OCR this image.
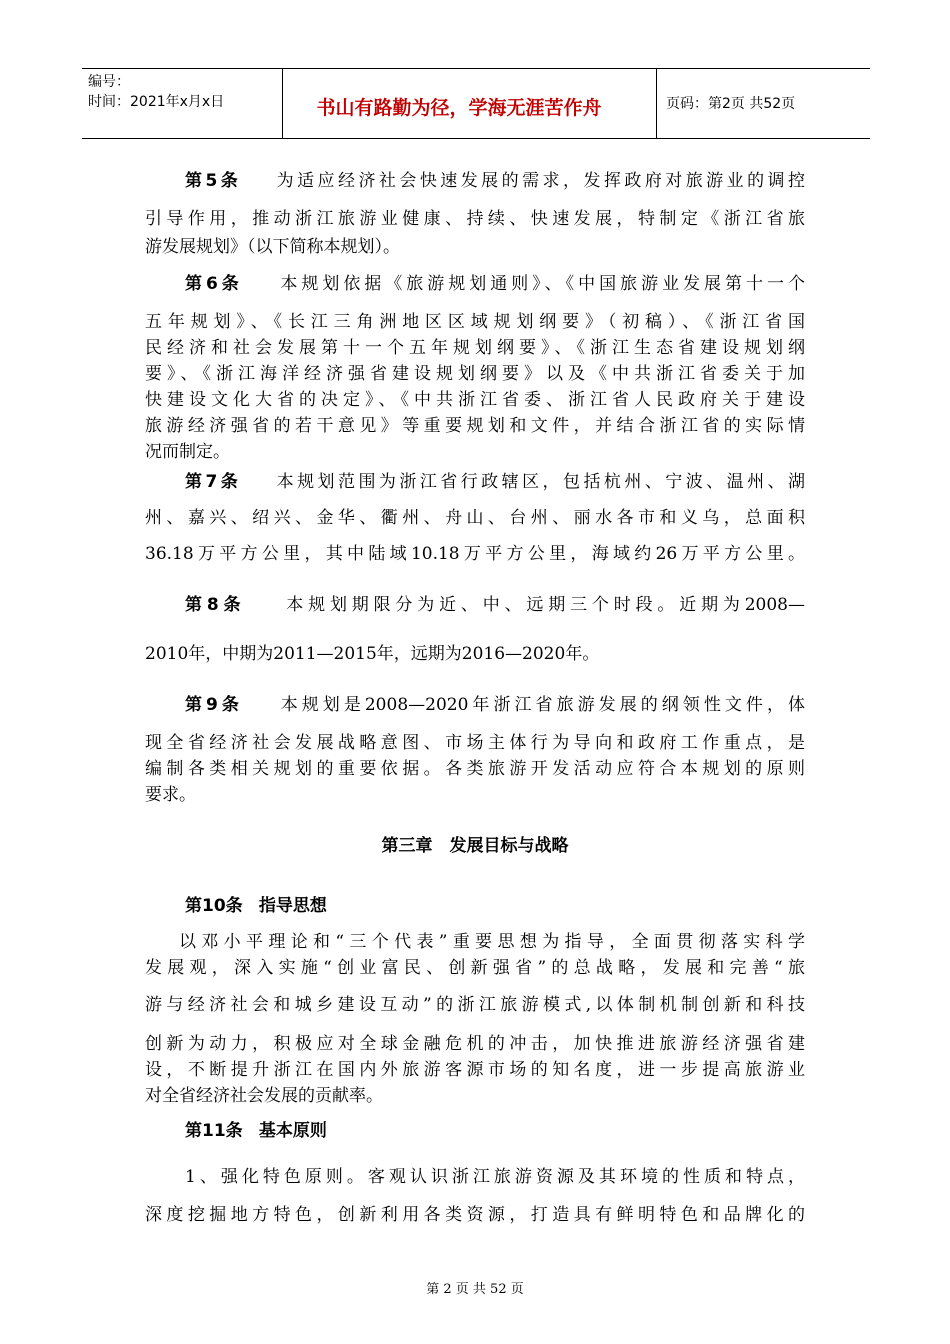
编号：
时间：2021年x月x日	书山有路勤为径，学海无涯苦作舟	页码：第2页 共52页
第5条 为适应经济社会快速发展的需求，发挥政府对旅游业的调控
引导作用，推动浙江旅游业健康、持续、快速发展，特制定《浙江省旅
游发展规划》（以下简称本规划）。
第6条 本规划依据《旅游规划通则》、《中国旅游业发展第十一个
五年规划》、《长江三角洲地区区域规划纲要》（初稿）、《浙江省国
民经济和社会发展第十一个五年规划纲要》、《浙江生态省建设规划纲
要》、《浙江海洋经济强省建设规划纲要》以及《中共浙江省委关于加
快建设文化大省的决定》、《中共浙江省委、浙江省人民政府关于建设
旅游经济强省的若干意见》等重要规划和文件，并结合浙江省的实际情
况而制定。
第7条 本规划范围为浙江省行政辖区，包括杭州、宁波、温州、湖
州、嘉兴、绍兴、金华、衢州、舟山、台州、丽水各市和义乌，总面积
36.18万平方公里，其中陆域10.18万平方公里，海域约26万平方公里。
第8条 本规划期限分为近、中、远期三个时段。近期为2008—
2010年，中期为2011—2015年，远期为2016—2020年。
第9条 本规划是2008—2020年浙江省旅游发展的纲领性文件，体
现全省经济社会发展战略意图、市场主体行为导向和政府工作重点，是
编制各类相关规划的重要依据。各类旅游开发活动应符合本规划的原则
要求。
第三章　发展目标与战略
第10条 指导思想
以邓小平理论和“三个代表”重要思想为指导，全面贯彻落实科学
发展观，深入实施“创业富民、创新强省”的总战略，发展和完善“旅
游与经济社会和城乡建设互动”的浙江旅游模式,以体制机制创新和科技
创新为动力，积极应对全球金融危机的冲击，加快推进旅游经济强省建
设，不断提升浙江在国内外旅游客源市场的知名度，进一步提高旅游业
对全省经济社会发展的贡献率。
第11条 基本原则
1、强化特色原则。客观认识浙江旅游资源及其环境的性质和特点，
深度挖掘地方特色，创新利用各类资源，打造具有鲜明特色和品牌化的
第 2 页 共 52 页
